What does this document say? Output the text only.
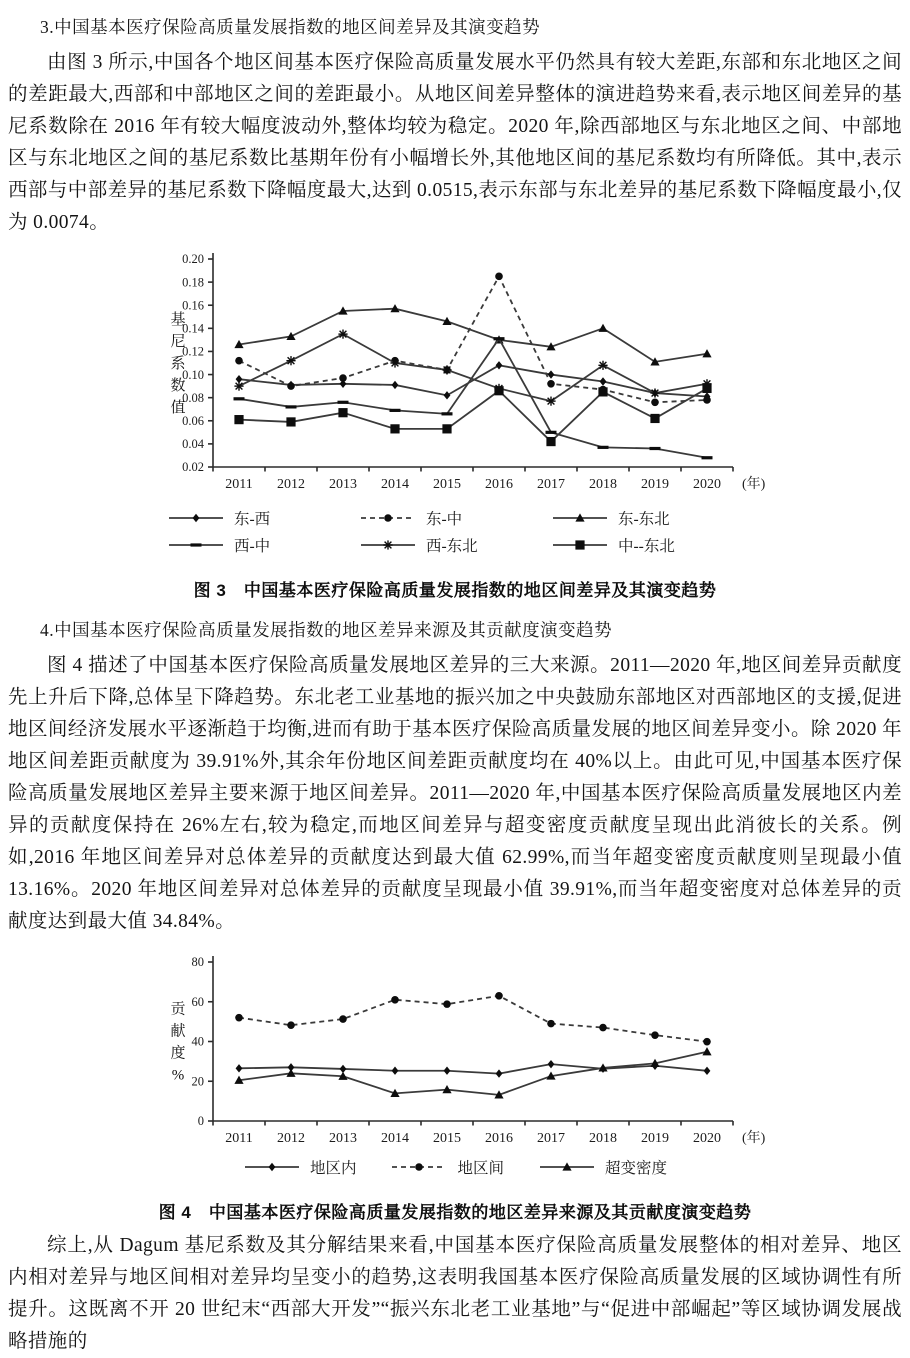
3.中国基本医疗保险高质量发展指数的地区间差异及其演变趋势

由图 3 所示,中国各个地区间基本医疗保险高质量发展水平仍然具有较大差距,东部和东北地区之间的差距最大,西部和中部地区之间的差距最小。从地区间差异整体的演进趋势来看,表示地区间差异的基尼系数除在 2016 年有较大幅度波动外,整体均较为稳定。2020 年,除西部地区与东北地区之间、中部地区与东北地区之间的基尼系数比基期年份有小幅增长外,其他地区间的基尼系数均有所降低。其中,表示西部与中部差异的基尼系数下降幅度最大,达到 0.0515,表示东部与东北差异的基尼系数下降幅度最小,仅为 0.0074。

0.02
0.04
0.06
0.08
0.10
0.12
0.14
0.16
0.18
0.20
2011 2012 2013 2014 2015 2016 2017 2018 2019 2020 (年)
基
尼
系
数
值
东-西	东-中	东-东北
西-中	西-东北	中--东北
图 3　中国基本医疗保险高质量发展指数的地区间差异及其演变趋势
4.中国基本医疗保险高质量发展指数的地区差异来源及其贡献度演变趋势

图 4 描述了中国基本医疗保险高质量发展地区差异的三大来源。2011—2020 年,地区间差异贡献度先上升后下降,总体呈下降趋势。东北老工业基地的振兴加之中央鼓励东部地区对西部地区的支援,促进地区间经济发展水平逐渐趋于均衡,进而有助于基本医疗保险高质量发展的地区间差异变小。除 2020 年地区间差距贡献度为 39.91%外,其余年份地区间差距贡献度均在 40%以上。由此可见,中国基本医疗保险高质量发展地区差异主要来源于地区间差异。2011—2020 年,中国基本医疗保险高质量发展地区内差异的贡献度保持在 26%左右,较为稳定,而地区间差异与超变密度贡献度呈现出此消彼长的关系。例如,2016 年地区间差异对总体差异的贡献度达到最大值 62.99%,而当年超变密度贡献度则呈现最小值 13.16%。2020 年地区间差异对总体差异的贡献度呈现最小值 39.91%,而当年超变密度对总体差异的贡献度达到最大值 34.84%。

0
20
40
60
80
2011 2012 2013 2014 2015 2016 2017 2018 2019 2020 (年)
贡
献
度
%
地区内	地区间	超变密度
图 4　中国基本医疗保险高质量发展指数的地区差异来源及其贡献度演变趋势

综上,从 Dagum 基尼系数及其分解结果来看,中国基本医疗保险高质量发展整体的相对差异、地区内相对差异与地区间相对差异均呈变小的趋势,这表明我国基本医疗保险高质量发展的区域协调性有所提升。这既离不开 20 世纪末“西部大开发”“振兴东北老工业基地”与“促进中部崛起”等区域协调发展战略措施的
